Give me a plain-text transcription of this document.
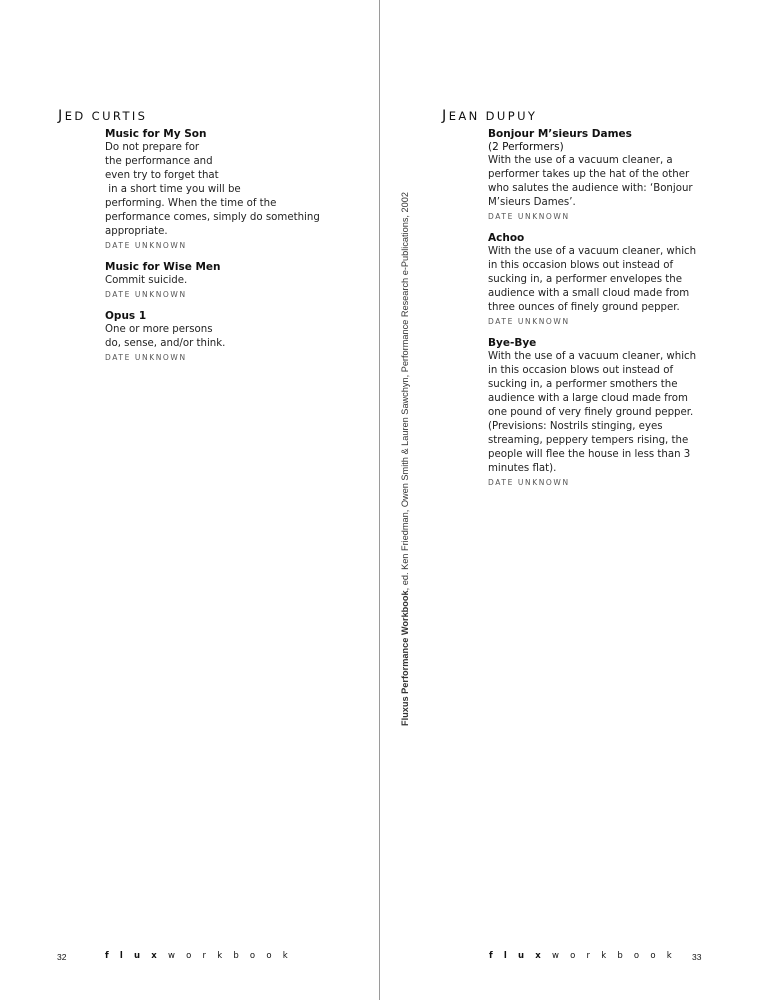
JED CURTIS
Music for My Son
Do not prepare for
the performance and
even try to forget that
in a short time you will be
performing. When the time of the
performance comes, simply do something
appropriate.
DATE UNKNOWN
Music for Wise Men
Commit suicide.
DATE UNKNOWN
Opus 1
One or more persons
do, sense, and/or think.
DATE UNKNOWN
JEAN DUPUY
Bonjour M’sieurs Dames
(2 Performers)
With the use of a vacuum cleaner, a
performer takes up the hat of the other
who salutes the audience with: ‘Bonjour
M’sieurs Dames’.
DATE UNKNOWN
Achoo
With the use of a vacuum cleaner, which
in this occasion blows out instead of
sucking in, a performer envelopes the
audience with a small cloud made from
three ounces of finely ground pepper.
DATE UNKNOWN
Bye-Bye
With the use of a vacuum cleaner, which
in this occasion blows out instead of
sucking in, a performer smothers the
audience with a large cloud made from
one pound of very finely ground pepper.
(Previsions: Nostrils stinging, eyes
streaming, peppery tempers rising, the
people will flee the house in less than 3
minutes flat).
DATE UNKNOWN
Fluxus Performance Workbook, ed. Ken Friedman, Owen Smith & Lauren Sawchyn, Performance Research e-Publications, 2002
32	fluxworkbook	fluxworkbook 33
